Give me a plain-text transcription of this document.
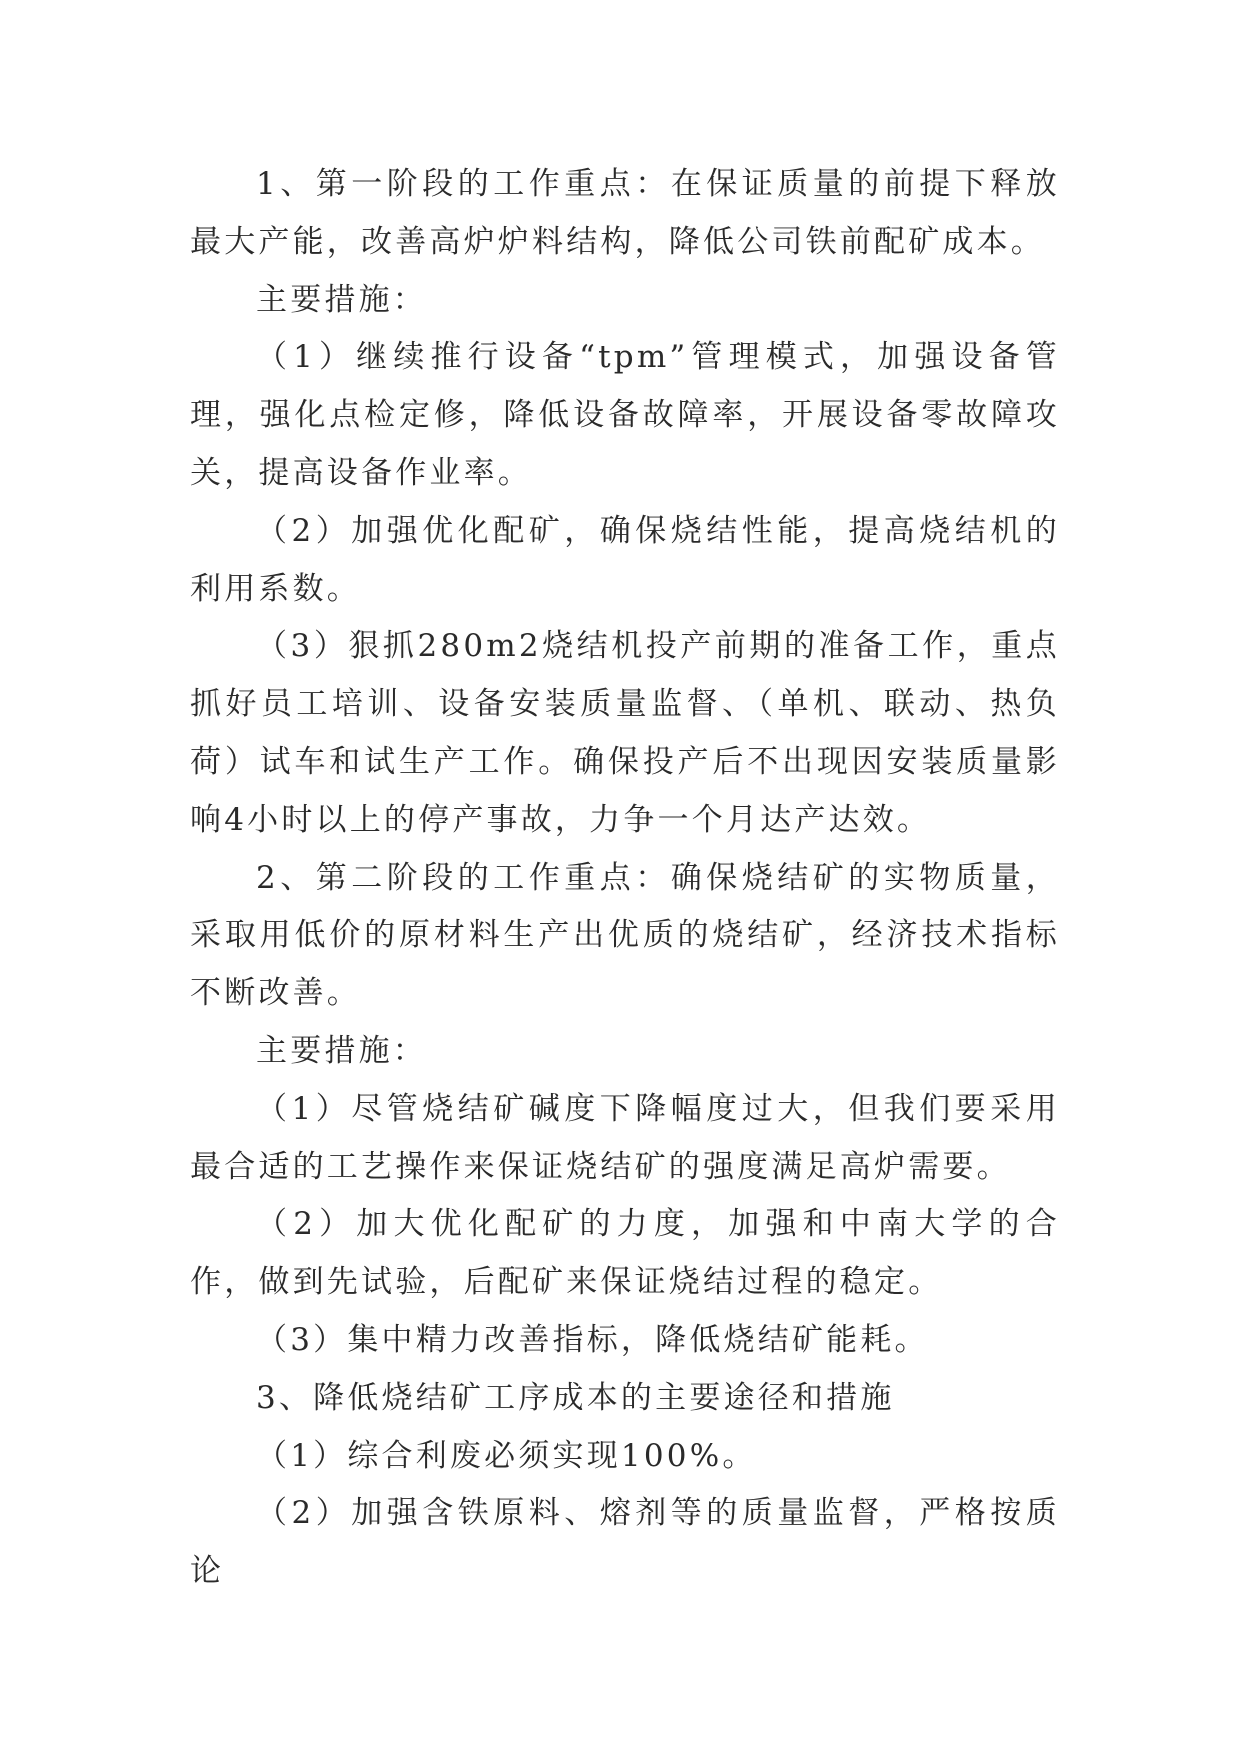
1、第一阶段的工作重点：在保证质量的前提下释放最大产能，改善高炉炉料结构，降低公司铁前配矿成本。

主要措施：

（1）继续推行设备“tpm”管理模式，加强设备管理，强化点检定修，降低设备故障率，开展设备零故障攻关，提高设备作业率。

（2）加强优化配矿，确保烧结性能，提高烧结机的利用系数。

（3）狠抓280m2烧结机投产前期的准备工作，重点抓好员工培训、设备安装质量监督、（单机、联动、热负荷）试车和试生产工作。确保投产后不出现因安装质量影响4小时以上的停产事故，力争一个月达产达效。

2、第二阶段的工作重点：确保烧结矿的实物质量，采取用低价的原材料生产出优质的烧结矿，经济技术指标不断改善。

主要措施：

（1）尽管烧结矿碱度下降幅度过大，但我们要采用最合适的工艺操作来保证烧结矿的强度满足高炉需要。

（2）加大优化配矿的力度，加强和中南大学的合作，做到先试验，后配矿来保证烧结过程的稳定。

（3）集中精力改善指标，降低烧结矿能耗。

3、降低烧结矿工序成本的主要途径和措施

（1）综合利废必须实现100%。

（2）加强含铁原料、熔剂等的质量监督，严格按质论
